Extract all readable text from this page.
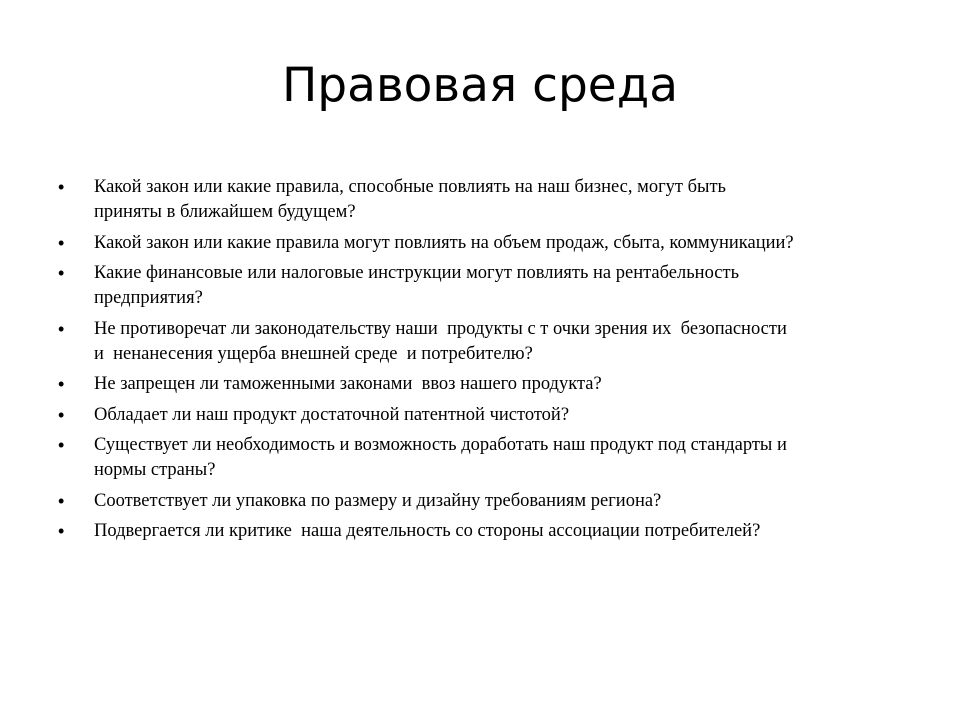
Правовая среда
• Какой закон или какие правила, способные повлиять на наш бизнес, могут быть
приняты в ближайшем будущем?
• Какой закон или какие правила могут повлиять на объем продаж, сбыта, коммуникации?
• Какие финансовые или налоговые инструкции могут повлиять на рентабельность
предприятия?
• Не противоречат ли законодательству наши  продукты с т очки зрения их  безопасности
и  ненанесения ущерба внешней среде  и потребителю?
• Не запрещен ли таможенными законами  ввоз нашего продукта?
• Обладает ли наш продукт достаточной патентной чистотой?
• Существует ли необходимость и возможность доработать наш продукт под стандарты и
нормы страны?
• Соответствует ли упаковка по размеру и дизайну требованиям региона?
• Подвергается ли критике  наша деятельность со стороны ассоциации потребителей?
